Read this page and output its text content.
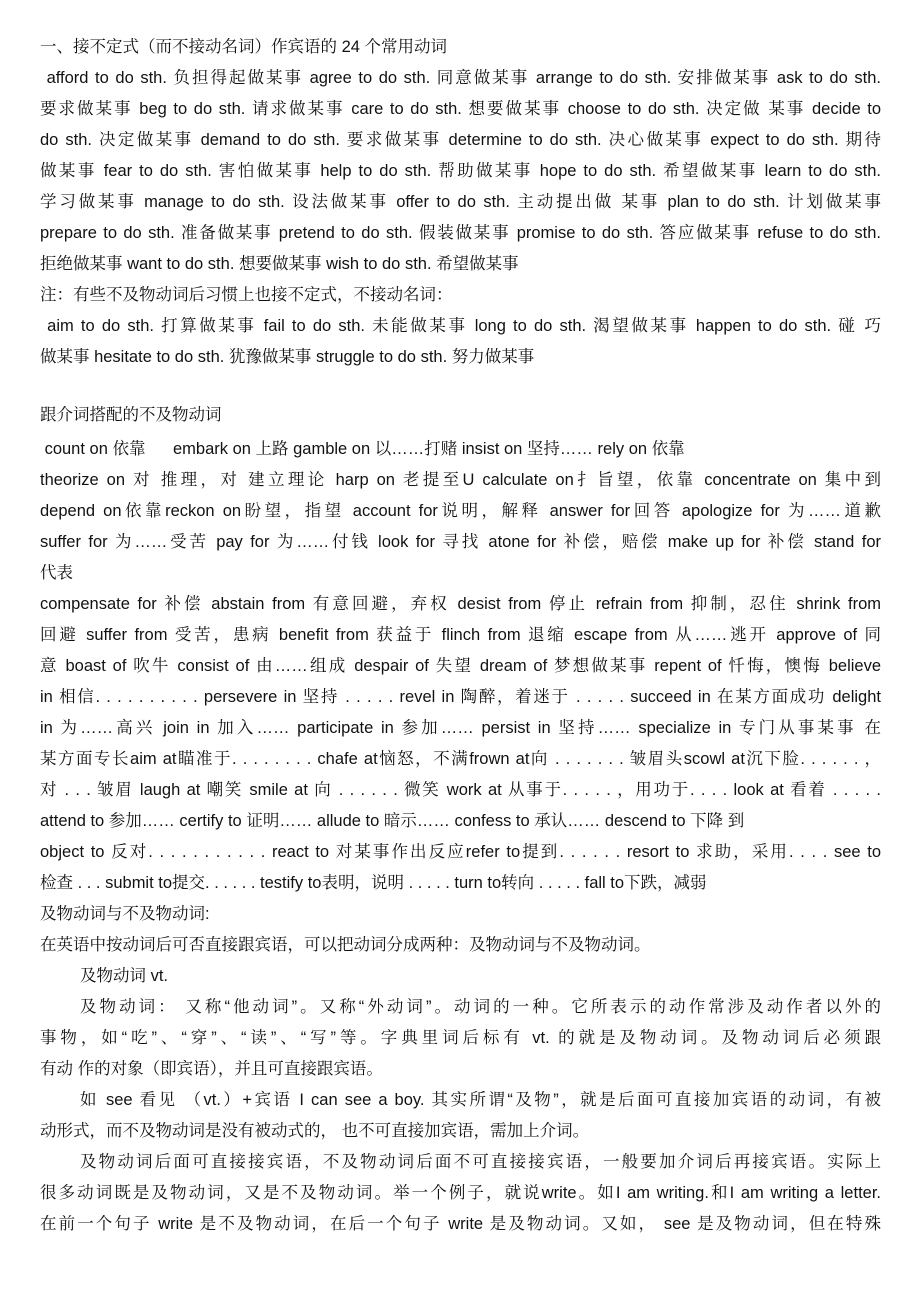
一、接不定式（而不接动名词）作宾语的 24 个常用动词
afford to do sth. 负担得起做某事 agree to do sth. 同意做某事 arrange to do sth. 安排做某事 ask to do sth.
要求做某事 beg to do sth. 请求做某事 care to do sth. 想要做某事 choose to do sth. 决定做 某事 decide to
do sth. 决定做某事 demand to do sth. 要求做某事 determine to do sth. 决心做某事 expect to do sth. 期待
做某事 fear to do sth. 害怕做某事 help to do sth. 帮助做某事 hope to do sth. 希望做某事 learn to do sth.
学习做某事 manage to do sth. 设法做某事 offer to do sth. 主动提出做 某事 plan to do sth. 计划做某事
prepare to do sth. 准备做某事 pretend to do sth. 假装做某事 promise to do sth. 答应做某事 refuse to do sth.
拒绝做某事 want to do sth. 想要做某事 wish to do sth. 希望做某事
注：有些不及物动词后习惯上也接不定式，不接动名词：
aim to do sth. 打算做某事 fail to do sth. 未能做某事 long to do sth. 渴望做某事 happen to do sth. 碰 巧
做某事 hesitate to do sth. 犹豫做某事 struggle to do sth. 努力做某事
跟介词搭配的不及物动词
count on 依靠      embark on 上路 gamble on 以……打赌 insist on 坚持…… rely on 依靠
theorize on 对 推理，对 建立理论 harp on 老提至U calculate on扌旨望，依靠 concentrate on 集中到
depend on依靠reckon on盼望，指望 account for说明，解释 answer for回答 apologize for 为……道歉
suffer for 为……受苦 pay for 为……付钱 look for 寻找 atone for 补偿，赔偿 make up for 补偿 stand for
代表
compensate for 补偿 abstain from 有意回避，弃权 desist from 停止 refrain from 抑制，忍住 shrink from
回避 suffer from 受苦，患病 benefit from 获益于 flinch from 退缩 escape from 从……逃开 approve of 同
意 boast of 吹牛 consist of 由……组成 despair of 失望 dream of 梦想做某事 repent of 忏悔，懊悔 believe
in 相信. . . . . . . . . . persevere in 坚持 . . . . . revel in 陶醉，着迷于 . . . . . succeed in 在某方面成功 delight
in 为……高兴 join in 加入…… participate in 参加…… persist in 坚持…… specialize in 专门从事某事 在
某方面专长aim at瞄准于. . . . . . . . chafe at恼怒，不满frown at向 . . . . . . . 皱眉头scowl at沉下脸. . . . . . ，
对 . . . 皱眉 laugh at 嘲笑 smile at 向 . . . . . . 微笑 work at 从事于. . . . . ，用功于. . . . look at 看着 . . . . .
attend to 参加…… certify to 证明…… allude to 暗示…… confess to 承认…… descend to 下降 到
object to 反对. . . . . . . . . . . react to 对某事作出反应refer to提到. . . . . . resort to 求助，采用. . . . see to
检查 . . . submit to提交. . . . . . testify to表明，说明 . . . . . turn to转向 . . . . . fall to下跌，减弱
及物动词与不及物动词:
在英语中按动词后可否直接跟宾语，可以把动词分成两种：及物动词与不及物动词。
及物动词 vt.
及物动词： 又称“他动词”。又称“外动词”。动词的一种。它所表示的动作常涉及动作者以外的
事物，如“吃”、“穿”、“读”、“写”等。字典里词后标有 vt. 的就是及物动词。及物动词后必须跟
有动 作的对象（即宾语），并且可直接跟宾语。
如 see 看见 （vt.）+宾语 I can see a boy. 其实所谓“及物”，就是后面可直接加宾语的动词，有被
动形式，而不及物动词是没有被动式的， 也不可直接加宾语，需加上介词。
及物动词后面可直接接宾语，不及物动词后面不可直接接宾语，一般要加介词后再接宾语。实际上
很多动词既是及物动词，又是不及物动词。举一个例子，就说write。如I am writing.和I am writing a letter.
在前一个句子 write 是不及物动词，在后一个句子 write 是及物动词。又如， see 是及物动词，但在特殊
